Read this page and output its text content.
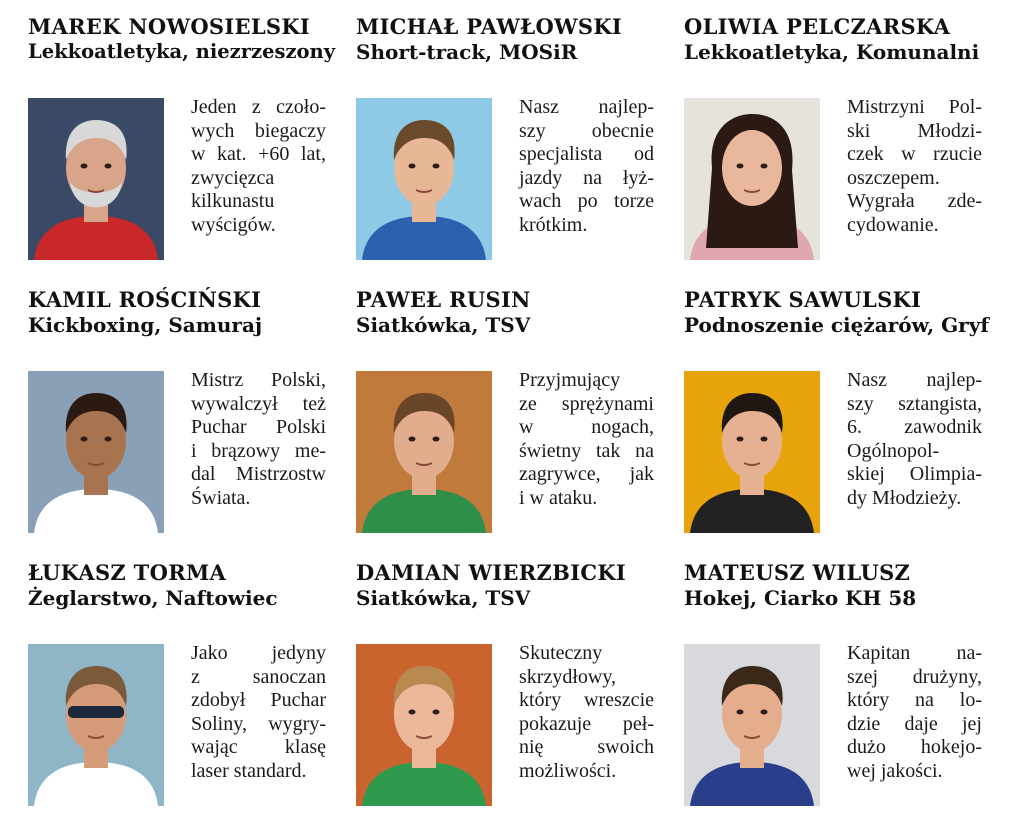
MAREK NOWOSIELSKI
Lekkoatletyka, niezrzeszony
Jeden z czoło-
wych biegaczy
w kat. +60 lat,
zwycięzca
kilkunastu
wyścigów.
MICHAŁ PAWŁOWSKI
Short-track, MOSiR
Nasz najlep-
szy obecnie
specjalista od
jazdy na łyż-
wach po torze
krótkim.
OLIWIA PELCZARSKA
Lekkoatletyka, Komunalni
Mistrzyni Pol-
ski Młodzi-
czek w rzucie
oszczepem.
Wygrała zde-
cydowanie.
KAMIL ROŚCIŃSKI
Kickboxing, Samuraj
Mistrz Polski,
wywalczył też
Puchar Polski
i brązowy me-
dal Mistrzostw
Świata.
PAWEŁ RUSIN
Siatkówka, TSV
Przyjmujący
ze sprężynami
w nogach,
świetny tak na
zagrywce, jak
i w ataku.
PATRYK SAWULSKI
Podnoszenie ciężarów, Gryf
Nasz najlep-
szy sztangista,
6. zawodnik
Ogólnopol-
skiej Olimpia-
dy Młodzieży.
ŁUKASZ TORMA
Żeglarstwo, Naftowiec
Jako jedyny
z sanoczan
zdobył Puchar
Soliny, wygry-
wając klasę
laser standard.
DAMIAN WIERZBICKI
Siatkówka, TSV
Skuteczny
skrzydłowy,
który wreszcie
pokazuje peł-
nię swoich
możliwości.
MATEUSZ WILUSZ
Hokej, Ciarko KH 58
Kapitan na-
szej drużyny,
który na lo-
dzie daje jej
dużo hokejo-
wej jakości.
